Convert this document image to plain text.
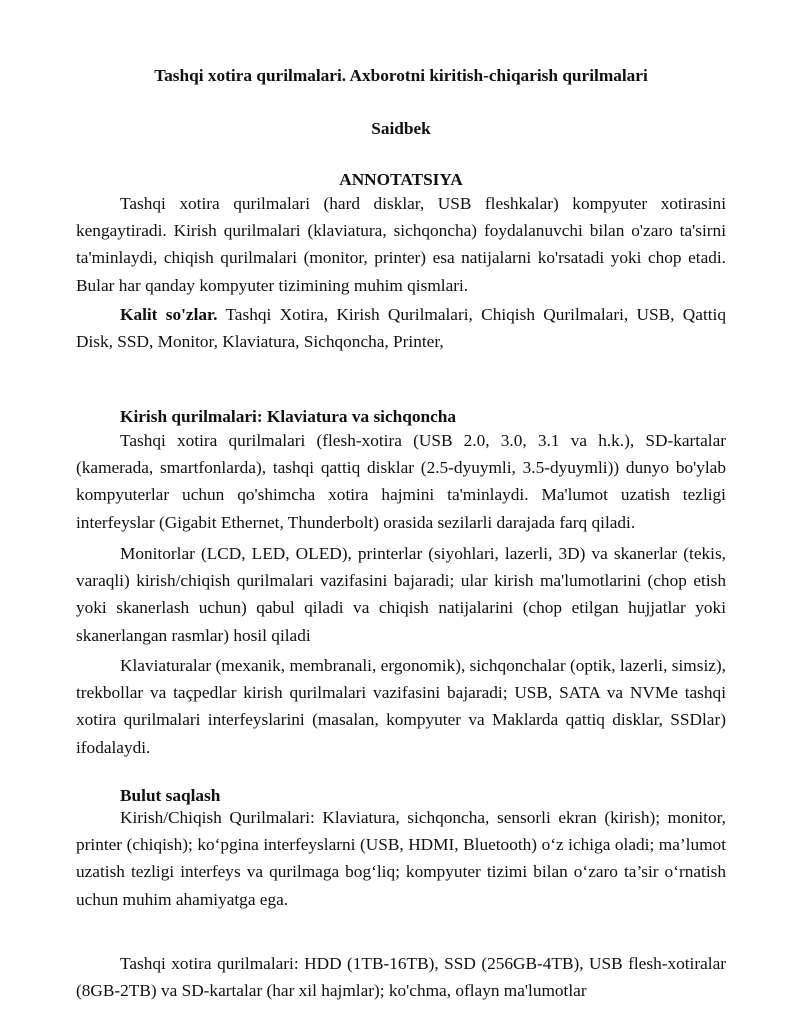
Tashqi xotira qurilmalari. Axborotni kiritish-chiqarish qurilmalari

Saidbek

ANNOTATSIYA

Tashqi xotira qurilmalari (hard disklar, USB fleshkalar) kompyuter xotirasini kengaytiradi. Kirish qurilmalari (klaviatura, sichqoncha) foydalanuvchi bilan o'zaro ta'sirni ta'minlaydi, chiqish qurilmalari (monitor, printer) esa natijalarni ko'rsatadi yoki chop etadi. Bular har qanday kompyuter tizimining muhim qismlari.

Kalit so'zlar. Tashqi Xotira, Kirish Qurilmalari, Chiqish Qurilmalari, USB, Qattiq Disk, SSD, Monitor, Klaviatura, Sichqoncha, Printer,

Kirish qurilmalari: Klaviatura va sichqoncha

Tashqi xotira qurilmalari (flesh-xotira (USB 2.0, 3.0, 3.1 va h.k.), SD-kartalar (kamerada, smartfonlarda), tashqi qattiq disklar (2.5-dyuymli, 3.5-dyuymli)) dunyo bo'ylab kompyuterlar uchun qo'shimcha xotira hajmini ta'minlaydi. Ma'lumot uzatish tezligi interfeyslar (Gigabit Ethernet, Thunderbolt) orasida sezilarli darajada farq qiladi.

Monitorlar (LCD, LED, OLED), printerlar (siyohlari, lazerli, 3D) va skanerlar (tekis, varaqli) kirish/chiqish qurilmalari vazifasini bajaradi; ular kirish ma'lumotlarini (chop etish yoki skanerlash uchun) qabul qiladi va chiqish natijalarini (chop etilgan hujjatlar yoki skanerlangan rasmlar) hosil qiladi

Klaviaturalar (mexanik, membranali, ergonomik), sichqonchalar (optik, lazerli, simsiz), trekbollar va taçpedlar kirish qurilmalari vazifasini bajaradi; USB, SATA va NVMe tashqi xotira qurilmalari interfeyslarini (masalan, kompyuter va Maklarda qattiq disklar, SSDlar) ifodalaydi.

Bulut saqlash

Kirish/Chiqish Qurilmalari: Klaviatura, sichqoncha, sensorli ekran (kirish); monitor, printer (chiqish); ko‘pgina interfeyslarni (USB, HDMI, Bluetooth) o‘z ichiga oladi; ma’lumot uzatish tezligi interfeys va qurilmaga bog‘liq; kompyuter tizimi bilan o‘zaro ta’sir o‘rnatish uchun muhim ahamiyatga ega.

Tashqi xotira qurilmalari: HDD (1TB-16TB), SSD (256GB-4TB), USB flesh-xotiralar (8GB-2TB) va SD-kartalar (har xil hajmlar); ko'chma, oflayn ma'lumotlar
